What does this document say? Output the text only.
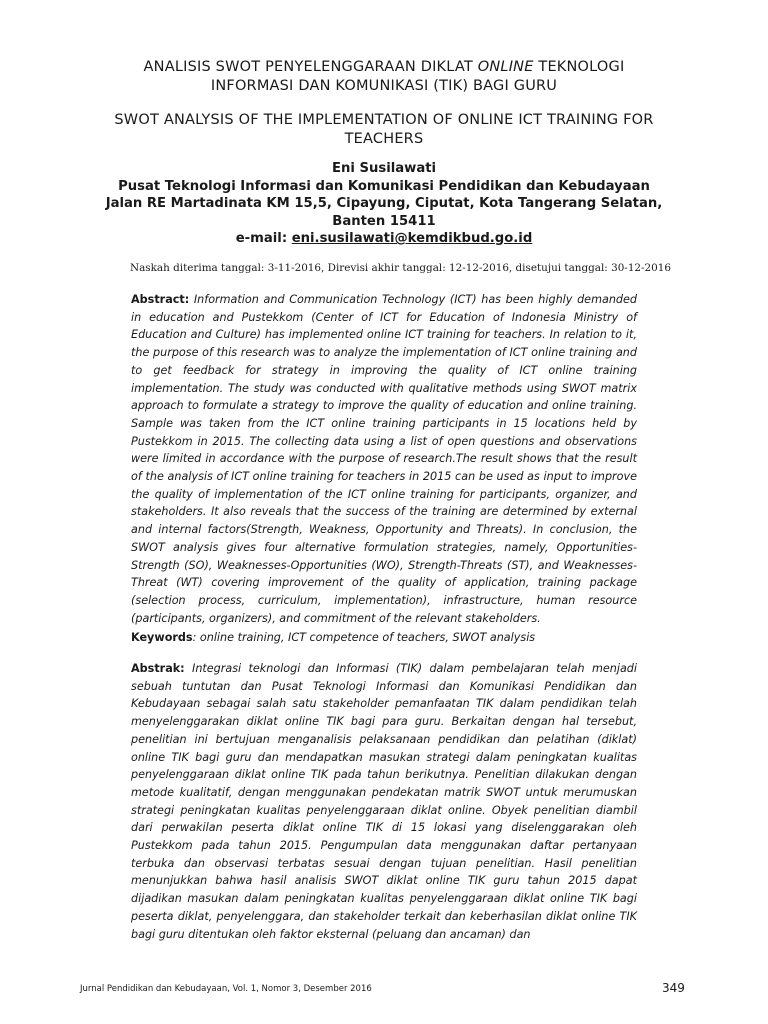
ANALISIS SWOT PENYELENGGARAAN DIKLAT ONLINE TEKNOLOGI
INFORMASI DAN KOMUNIKASI (TIK) BAGI GURU
SWOT ANALYSIS OF THE IMPLEMENTATION OF ONLINE ICT TRAINING FOR
TEACHERS
Eni Susilawati
Pusat Teknologi Informasi dan Komunikasi Pendidikan dan Kebudayaan
Jalan RE Martadinata KM 15,5, Cipayung, Ciputat, Kota Tangerang Selatan,
Banten 15411
e-mail: eni.susilawati@kemdikbud.go.id
Naskah diterima tanggal: 3-11-2016, Direvisi akhir tanggal: 12-12-2016, disetujui tanggal: 30-12-2016
Abstract: Information and Communication Technology (ICT) has been highly demanded in education and Pustekkom (Center of ICT for Education of Indonesia Ministry of Education and Culture) has implemented online ICT training for teachers. In relation to it, the purpose of this research was to analyze the implementation of ICT online training and to get feedback for strategy in improving the quality of ICT online training implementation. The study was conducted with qualitative methods using SWOT matrix approach to formulate a strategy to improve the quality of education and online training. Sample was taken from the ICT online training participants in 15 locations held by Pustekkom in 2015. The collecting data using a list of open questions and observations were limited in accordance with the purpose of research.The result shows that the result of the analysis of ICT online training for teachers in 2015 can be used as input to improve the quality of implementation of the ICT online training for participants, organizer, and stakeholders. It also reveals that the success of the training are determined by external and internal factors(Strength, Weakness, Opportunity and Threats). In conclusion, the SWOT analysis gives four alternative formulation strategies, namely, Opportunities-Strength (SO), Weaknesses-Opportunities (WO), Strength-Threats (ST), and Weaknesses-Threat (WT) covering improvement of the quality of application, training package (selection process, curriculum, implementation), infrastructure, human resource (participants, organizers), and commitment of the relevant stakeholders.
Keywords: online training, ICT competence of teachers, SWOT analysis
Abstrak: Integrasi teknologi dan Informasi (TIK) dalam pembelajaran telah menjadi sebuah tuntutan dan Pusat Teknologi Informasi dan Komunikasi Pendidikan dan Kebudayaan sebagai salah satu stakeholder pemanfaatan TIK dalam pendidikan telah menyelenggarakan diklat online TIK bagi para guru. Berkaitan dengan hal tersebut, penelitian ini bertujuan menganalisis pelaksanaan pendidikan dan pelatihan (diklat) online TIK bagi guru dan mendapatkan masukan strategi dalam peningkatan kualitas penyelenggaraan diklat online TIK pada tahun berikutnya. Penelitian dilakukan dengan metode kualitatif, dengan menggunakan pendekatan matrik SWOT untuk merumuskan strategi peningkatan kualitas penyelenggaraan diklat online. Obyek penelitian diambil dari perwakilan peserta diklat online TIK di 15 lokasi yang diselenggarakan oleh Pustekkom pada tahun 2015. Pengumpulan data menggunakan daftar pertanyaan terbuka dan observasi terbatas sesuai dengan tujuan penelitian. Hasil penelitian menunjukkan bahwa hasil analisis SWOT diklat online TIK guru tahun 2015 dapat dijadikan masukan dalam peningkatan kualitas penyelenggaraan diklat online TIK bagi peserta diklat, penyelenggara, dan stakeholder terkait dan keberhasilan diklat online TIK bagi guru ditentukan oleh faktor eksternal (peluang dan ancaman) dan
Jurnal Pendidikan dan Kebudayaan, Vol. 1, Nomor 3, Desember 2016	349
